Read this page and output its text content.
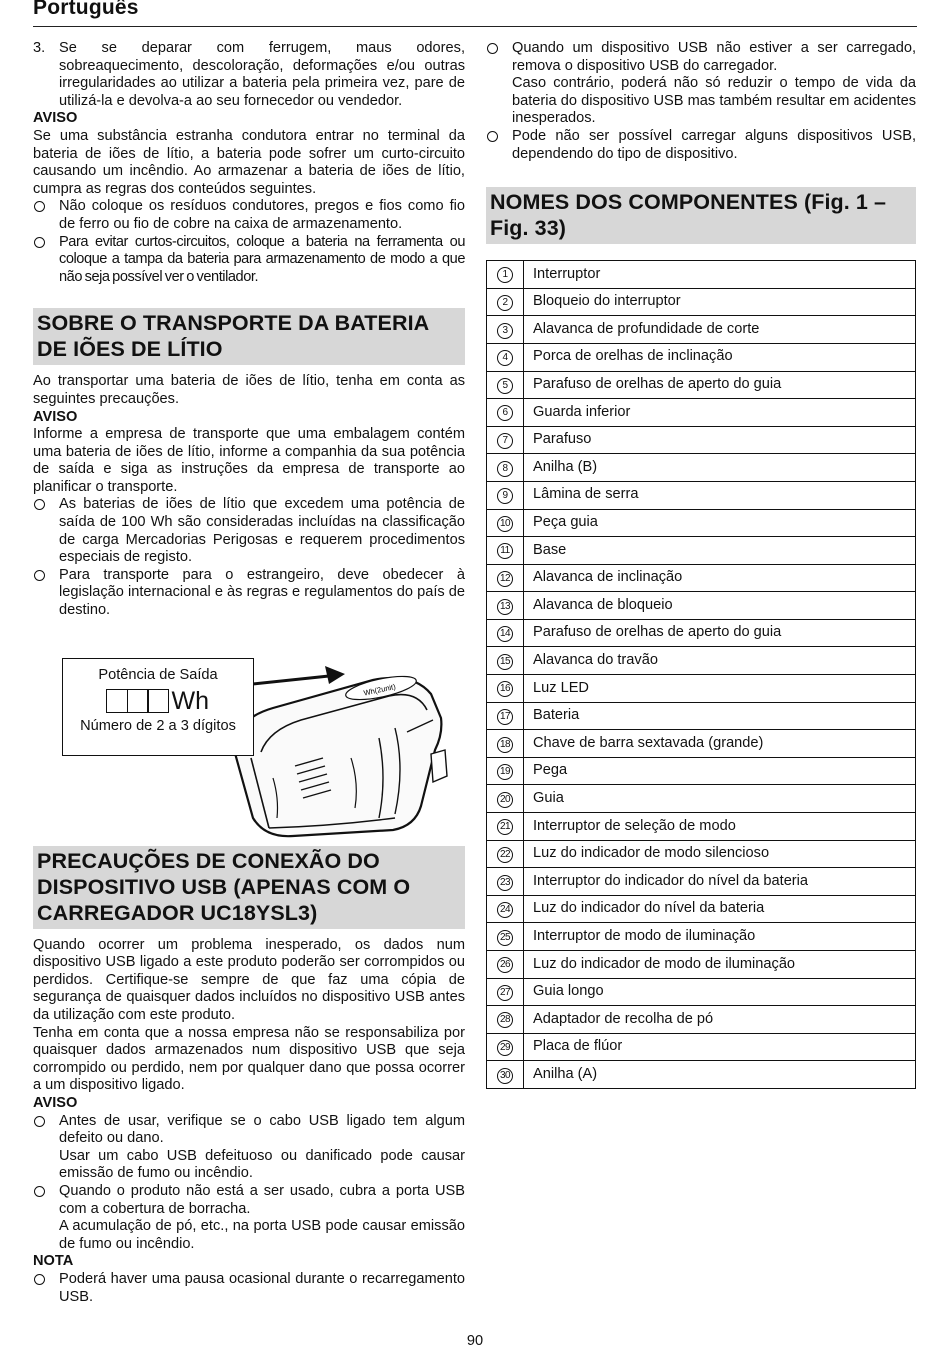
Português
3. Se se deparar com ferrugem, maus odores, sobreaquecimento, descoloração, deformações e/ou outras irregularidades ao utilizar a bateria pela primeira vez, pare de utilizá-la e devolva-a ao seu fornecedor ou vendedor.
AVISO

Se uma substância estranha condutora entrar no terminal da bateria de iões de lítio, a bateria pode sofrer um curto-circuito causando um incêndio. Ao armazenar a bateria de iões de lítio, cumpra as regras dos conteúdos seguintes.

Não coloque os resíduos condutores, pregos e fios como fio de ferro ou fio de cobre na caixa de armazenamento.
Para evitar curtos-circuitos, coloque a bateria na ferramenta ou coloque a tampa da bateria para armazenamento de modo a que não seja possível ver o ventilador.
SOBRE O TRANSPORTE DA BATERIA DE IÕES DE LÍTIO

Ao transportar uma bateria de iões de lítio, tenha em conta as seguintes precauções.

AVISO

Informe a empresa de transporte que uma embalagem contém uma bateria de iões de lítio, informe a companhia da sua potência de saída e siga as instruções da empresa de transporte ao planificar o transporte.

As baterias de iões de lítio que excedem uma potência de saída de 100 Wh são consideradas incluídas na classificação de carga Mercadorias Perigosas e requerem procedimentos especiais de registo.
Para transporte para o estrangeiro, deve obedecer à legislação internacional e às regras e regulamentos do país de destino.
Wh(2unit)
Potência de Saída
Wh
Número de 2 a 3 dígitos
PRECAUÇÕES DE CONEXÃO DO DISPOSITIVO USB (APENAS COM O CARREGADOR UC18YSL3)

Quando ocorrer um problema inesperado, os dados num dispositivo USB ligado a este produto poderão ser corrompidos ou perdidos. Certifique-se sempre de que faz uma cópia de segurança de quaisquer dados incluídos no dispositivo USB antes da utilização com este produto.

Tenha em conta que a nossa empresa não se responsabiliza por quaisquer dados armazenados num dispositivo USB que seja corrompido ou perdido, nem por qualquer dano que possa ocorrer a um dispositivo ligado.

AVISO
Antes de usar, verifique se o cabo USB ligado tem algum defeito ou dano.
Usar um cabo USB defeituoso ou danificado pode causar emissão de fumo ou incêndio.
Quando o produto não está a ser usado, cubra a porta USB com a cobertura de borracha.
A acumulação de pó, etc., na porta USB pode causar emissão de fumo ou incêndio.
NOTA
Poderá haver uma pausa ocasional durante o recarregamento USB.
Quando um dispositivo USB não estiver a ser carregado, remova o dispositivo USB do carregador.
Caso contrário, poderá não só reduzir o tempo de vida da bateria do dispositivo USB mas também resultar em acidentes inesperados.
Pode não ser possível carregar alguns dispositivos USB, dependendo do tipo de dispositivo.
NOMES DOS COMPONENTES (Fig. 1 – Fig. 33)
1	Interruptor
2	Bloqueio do interruptor
3	Alavanca de profundidade de corte
4	Porca de orelhas de inclinação
5	Parafuso de orelhas de aperto do guia
6	Guarda inferior
7	Parafuso
8	Anilha (B)
9	Lâmina de serra
10	Peça guia
11	Base
12	Alavanca de inclinação
13	Alavanca de bloqueio
14	Parafuso de orelhas de aperto do guia
15	Alavanca do travão
16	Luz LED
17	Bateria
18	Chave de barra sextavada (grande)
19	Pega
20	Guia
21	Interruptor de seleção de modo
22	Luz do indicador de modo silencioso
23	Interruptor do indicador do nível da bateria
24	Luz do indicador do nível da bateria
25	Interruptor de modo de iluminação
26	Luz do indicador de modo de iluminação
27	Guia longo
28	Adaptador de recolha de pó
29	Placa de flúor
30	Anilha (A)
90
